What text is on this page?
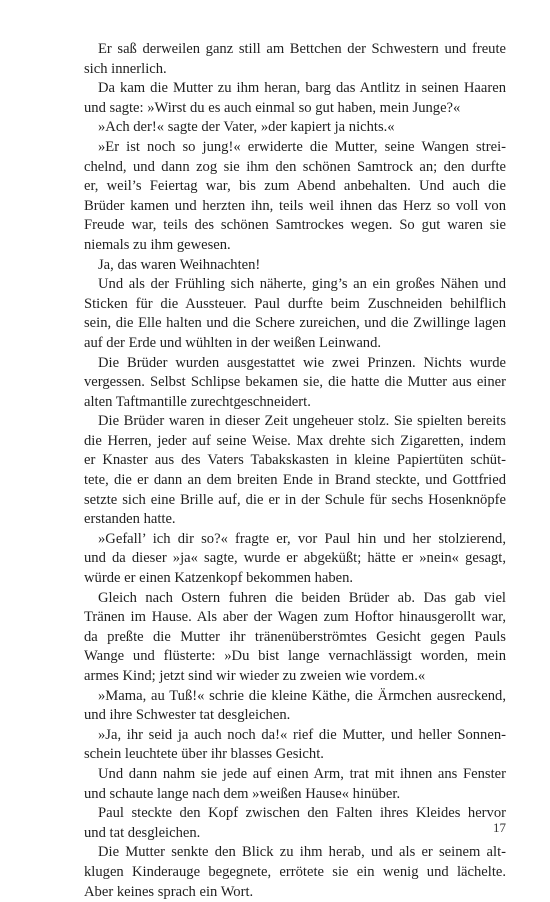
Er saß derweilen ganz still am Bettchen der Schwestern und freute
sich innerlich.
Da kam die Mutter zu ihm heran, barg das Antlitz in seinen Haaren
und sagte: »Wirst du es auch einmal so gut haben, mein Junge?«
»Ach der!« sagte der Vater, »der kapiert ja nichts.«
»Er ist noch so jung!« erwiderte die Mutter, seine Wangen strei-
chelnd, und dann zog sie ihm den schönen Samtrock an; den durfte
er, weil’s Feiertag war, bis zum Abend anbehalten. Und auch die
Brüder kamen und herzten ihn, teils weil ihnen das Herz so voll von
Freude war, teils des schönen Samtrockes wegen. So gut waren sie
niemals zu ihm gewesen.
Ja, das waren Weihnachten!
Und als der Frühling sich näherte, ging’s an ein großes Nähen und
Sticken für die Aussteuer. Paul durfte beim Zuschneiden behilflich
sein, die Elle halten und die Schere zureichen, und die Zwillinge lagen
auf der Erde und wühlten in der weißen Leinwand.
Die Brüder wurden ausgestattet wie zwei Prinzen. Nichts wurde
vergessen. Selbst Schlipse bekamen sie, die hatte die Mutter aus einer
alten Taftmantille zurechtgeschneidert.
Die Brüder waren in dieser Zeit ungeheuer stolz. Sie spielten bereits
die Herren, jeder auf seine Weise. Max drehte sich Zigaretten, indem
er Knaster aus des Vaters Tabakskasten in kleine Papiertüten schüt-
tete, die er dann an dem breiten Ende in Brand steckte, und Gottfried
setzte sich eine Brille auf, die er in der Schule für sechs Hosenknöpfe
erstanden hatte.
»Gefall’ ich dir so?« fragte er, vor Paul hin und her stolzierend,
und da dieser »ja« sagte, wurde er abgeküßt; hätte er »nein« gesagt,
würde er einen Katzenkopf bekommen haben.
Gleich nach Ostern fuhren die beiden Brüder ab. Das gab viel
Tränen im Hause. Als aber der Wagen zum Hoftor hinausgerollt war,
da preßte die Mutter ihr tränenüberströmtes Gesicht gegen Pauls
Wange und flüsterte: »Du bist lange vernachlässigt worden, mein
armes Kind; jetzt sind wir wieder zu zweien wie vordem.«
»Mama, au Tuß!« schrie die kleine Käthe, die Ärmchen ausreckend,
und ihre Schwester tat desgleichen.
»Ja, ihr seid ja auch noch da!« rief die Mutter, und heller Sonnen-
schein leuchtete über ihr blasses Gesicht.
Und dann nahm sie jede auf einen Arm, trat mit ihnen ans Fenster
und schaute lange nach dem »weißen Hause« hinüber.
Paul steckte den Kopf zwischen den Falten ihres Kleides hervor
und tat desgleichen.
Die Mutter senkte den Blick zu ihm herab, und als er seinem alt-
klugen Kinderauge begegnete, errötete sie ein wenig und lächelte.
Aber keines sprach ein Wort.
17
